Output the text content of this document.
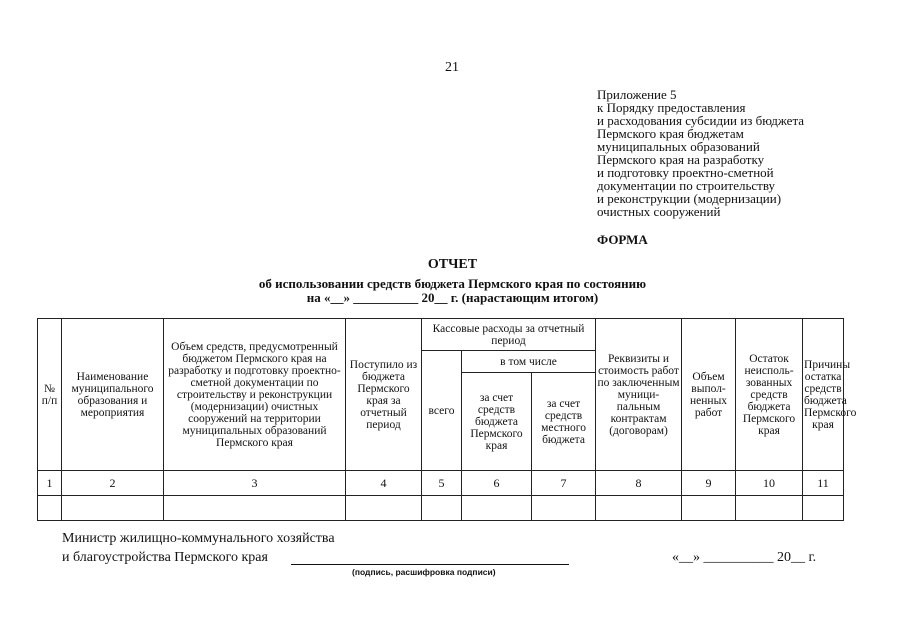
21
Приложение 5
к Порядку предоставления
и расходования субсидии из бюджета
Пермского края бюджетам
муниципальных образований
Пермского края на разработку
и подготовку проектно-сметной
документации по строительству
и реконструкции (модернизации)
очистных сооружений
ФОРМА
ОТЧЕТ
об использовании средств бюджета Пермского края по состоянию
на «__» __________ 20__ г. (нарастающим итогом)
№ п/п	Наименование муниципального образования и мероприятия	Объем средств, предусмотренный бюджетом Пермского края на разработку и подготовку проектно-сметной документации по строительству и реконструкции (модернизации) очистных сооружений на территории муниципальных образований Пермского края	Поступило из бюджета Пермского края за отчетный период	Кассовые расходы за отчетный период			Реквизиты и стоимость работ по заключенным муници- пальным контрактам (договорам)	Объем выпол- ненных работ	Остаток неисполь- зованных средств бюджета Пермского края	Причины остатка средств бюджета Пермского края
				всего	в том числе					
					за счет средств бюджета Пермского края	за счет средств местного бюджета				
1	2	3	4	5	6	7	8	9	10	11

Министр жилищно-коммунального хозяйства
и благоустройства Пермского края
(подпись, расшифровка подписи)
«__» __________ 20__ г.
